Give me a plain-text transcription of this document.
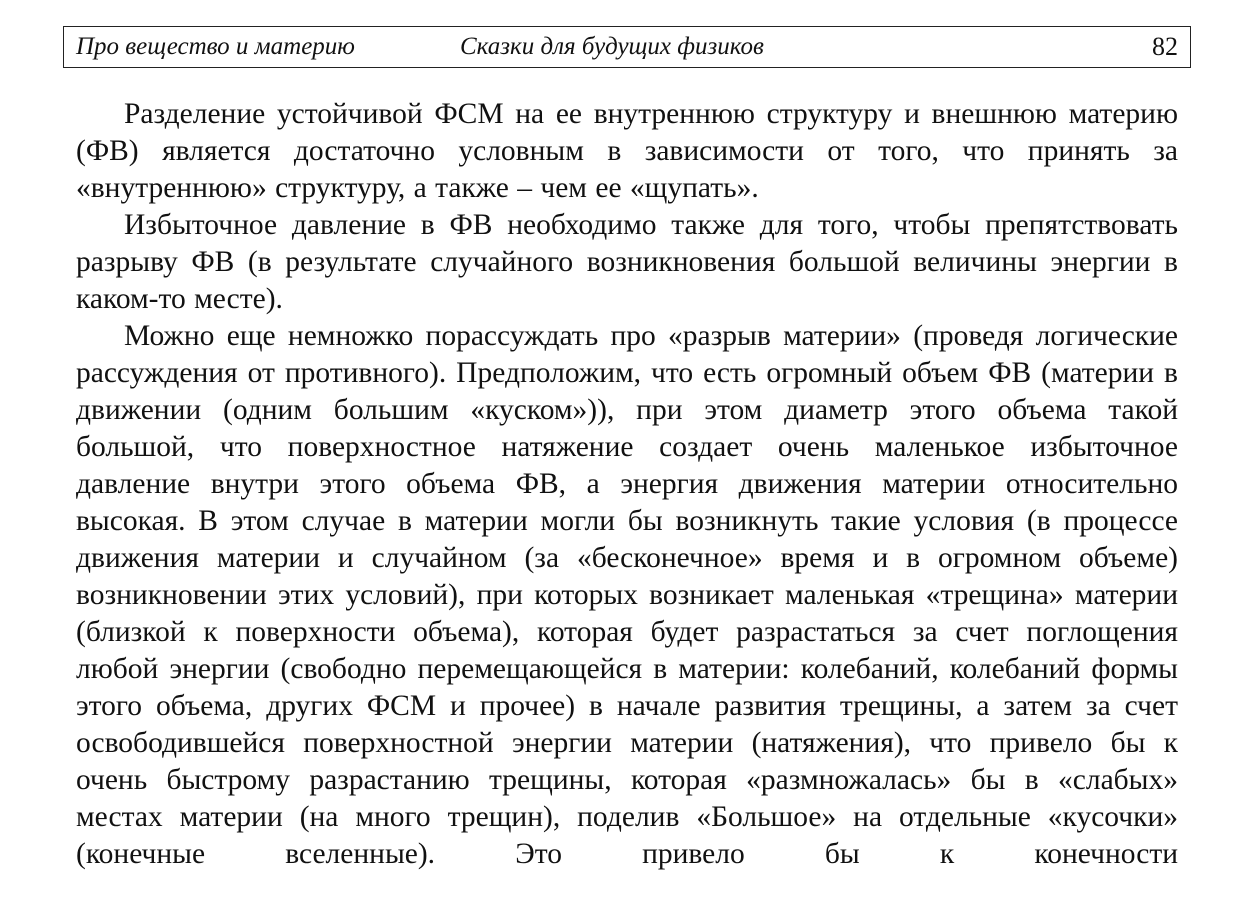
Про вещество и материю	Сказки для будущих физиков	82

Разделение устойчивой ФСМ на ее внутреннюю структуру и внешнюю материю (ФВ) является достаточно условным в зависимости от того, что принять за «внутреннюю» структуру, а также – чем ее «щупать».

Избыточное давление в ФВ необходимо также для того, чтобы препятствовать разрыву ФВ (в результате случайного возникновения большой величины энергии в каком-то месте).

Можно еще немножко порассуждать про «разрыв материи» (проведя логические рассуждения от противного). Предположим, что есть огромный объем ФВ (материи в движении (одним большим «куском»)), при этом диаметр этого объема такой большой, что поверхностное натяжение создает очень маленькое избыточное давление внутри этого объема ФВ, а энергия движения материи относительно высокая. В этом случае в материи могли бы возникнуть такие условия (в процессе движения материи и случайном (за «бесконечное» время и в огромном объеме) возникновении этих условий), при которых возникает маленькая «трещина» материи (близкой к поверхности объема), которая будет разрастаться за счет поглощения любой энергии (свободно перемещающейся в материи: колебаний, колебаний формы этого объема, других ФСМ и прочее) в начале развития трещины, а затем за счет освободившейся поверхностной энергии материи (натяжения), что привело бы к очень быстрому разрастанию трещины, которая «размножалась» бы в «слабых» местах материи (на много трещин), поделив «Большое» на отдельные «кусочки» (конечные вселенные). Это привело бы к конечности
